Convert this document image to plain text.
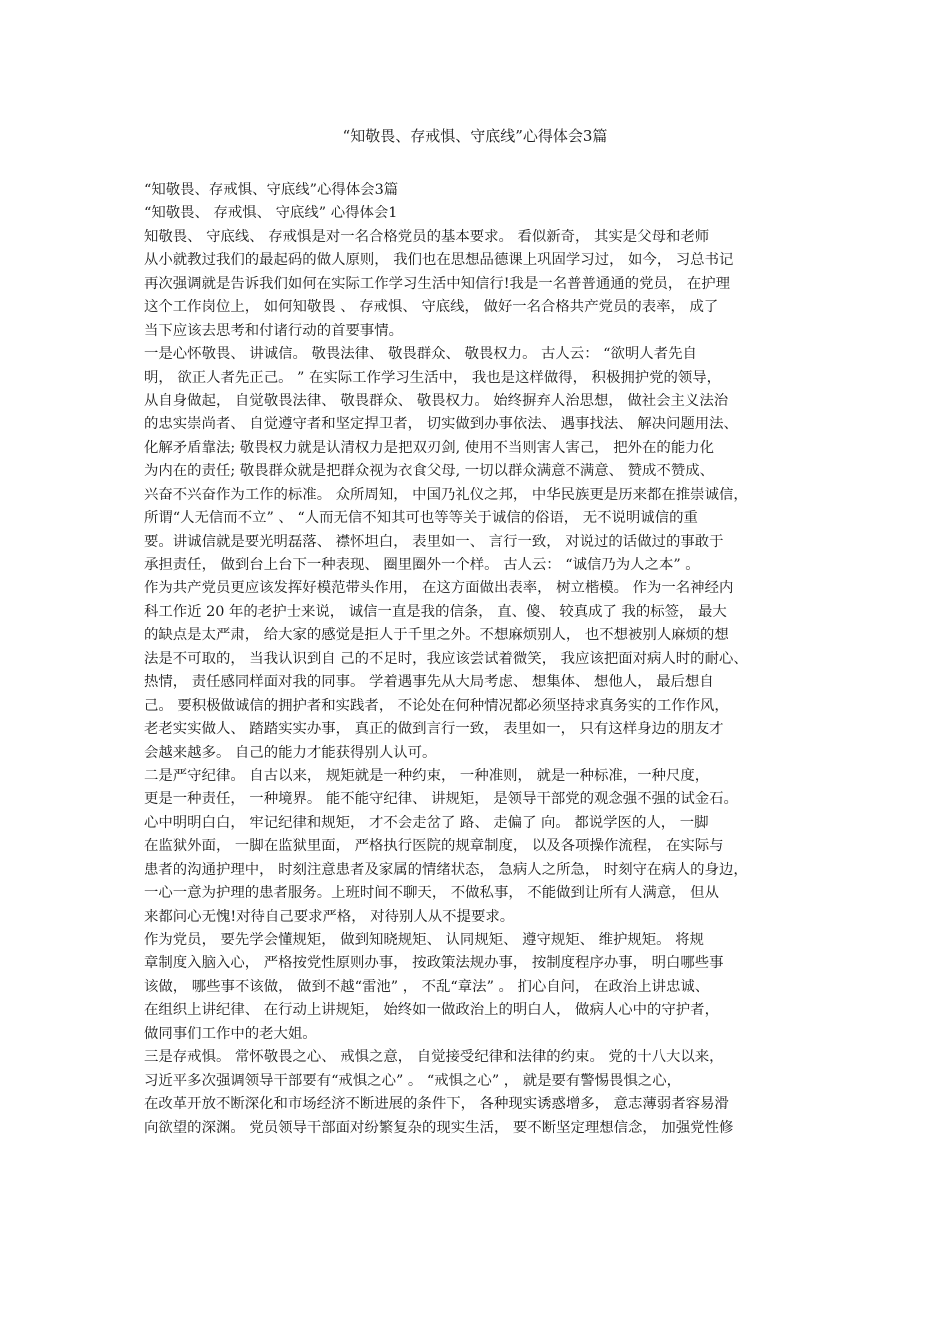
“知敬畏、存戒惧、守底线”心得体会3篇
“知敬畏、存戒惧、守底线”心得体会3篇
“知敬畏、 存戒惧、 守底线” 心得体会1
知敬畏、 守底线、 存戒惧是对一名合格党员的基本要求。 看似新奇， 其实是父母和老师
从小就教过我们的最起码的做人原则， 我们也在思想品德课上巩固学习过， 如今， 习总书记
再次强调就是告诉我们如何在实际工作学习生活中知信行!我是一名普普通通的党员， 在护理
这个工作岗位上， 如何知敬畏 、 存戒惧、 守底线， 做好一名合格共产党员的表率， 成了
当下应该去思考和付诸行动的首要事情。
一是心怀敬畏、 讲诚信。 敬畏法律、 敬畏群众、 敬畏权力。 古人云： “欲明人者先自
明， 欲正人者先正己。 ” 在实际工作学习生活中， 我也是这样做得， 积极拥护党的领导，
从自身做起， 自觉敬畏法律、 敬畏群众、 敬畏权力。 始终摒弃人治思想， 做社会主义法治
的忠实崇尚者、 自觉遵守者和坚定捍卫者， 切实做到办事依法、 遇事找法、 解决问题用法、
化解矛盾靠法; 敬畏权力就是认清权力是把双刃剑, 使用不当则害人害己， 把外在的能力化
为内在的责任; 敬畏群众就是把群众视为衣食父母, 一切以群众满意不满意、 赞成不赞成、
兴奋不兴奋作为工作的标准。 众所周知， 中国乃礼仪之邦， 中华民族更是历来都在推崇诚信，
所谓“人无信而不立” 、 “人而无信不知其可也等等关于诚信的俗语， 无不说明诚信的重
要。讲诚信就是要光明磊落、 襟怀坦白， 表里如一、 言行一致， 对说过的话做过的事敢于
承担责任， 做到台上台下一种表现、 圈里圈外一个样。 古人云： “诚信乃为人之本” 。
作为共产党员更应该发挥好模范带头作用， 在这方面做出表率， 树立楷模。 作为一名神经内
科工作近 20 年的老护士来说， 诚信一直是我的信条， 直、傻、 较真成了 我的标签， 最大
的缺点是太严肃， 给大家的感觉是拒人于千里之外。不想麻烦别人， 也不想被别人麻烦的想
法是不可取的， 当我认识到自 己的不足时，我应该尝试着微笑， 我应该把面对病人时的耐心、
热情， 责任感同样面对我的同事。 学着遇事先从大局考虑、 想集体、 想他人， 最后想自
己。 要积极做诚信的拥护者和实践者， 不论处在何种情况都必须坚持求真务实的工作作风，
老老实实做人、 踏踏实实办事， 真正的做到言行一致， 表里如一， 只有这样身边的朋友才
会越来越多。 自己的能力才能获得别人认可。
二是严守纪律。 自古以来， 规矩就是一种约束， 一种准则， 就是一种标准，一种尺度，
更是一种责任， 一种境界。 能不能守纪律、 讲规矩， 是领导干部党的观念强不强的试金石。
心中明明白白， 牢记纪律和规矩， 才不会走岔了 路、 走偏了 向。 都说学医的人， 一脚
在监狱外面， 一脚在监狱里面， 严格执行医院的规章制度， 以及各项操作流程， 在实际与
患者的沟通护理中， 时刻注意患者及家属的情绪状态， 急病人之所急， 时刻守在病人的身边，
一心一意为护理的患者服务。上班时间不聊天， 不做私事， 不能做到让所有人满意， 但从
来都问心无愧!对待自己要求严格， 对待别人从不提要求。
作为党员， 要先学会懂规矩， 做到知晓规矩、 认同规矩、 遵守规矩、 维护规矩。 将规
章制度入脑入心， 严格按党性原则办事， 按政策法规办事， 按制度程序办事， 明白哪些事
该做， 哪些事不该做， 做到不越“雷池” ， 不乱“章法” 。 扪心自问， 在政治上讲忠诚、
在组织上讲纪律、 在行动上讲规矩， 始终如一做政治上的明白人， 做病人心中的守护者，
做同事们工作中的老大姐。
三是存戒惧。 常怀敬畏之心、 戒惧之意， 自觉接受纪律和法律的约束。 党的十八大以来，
习近平多次强调领导干部要有“戒惧之心” 。 “戒惧之心” ， 就是要有警惕畏惧之心，
在改革开放不断深化和市场经济不断进展的条件下， 各种现实诱惑增多， 意志薄弱者容易滑
向欲望的深渊。 党员领导干部面对纷繁复杂的现实生活， 要不断坚定理想信念， 加强党性修
